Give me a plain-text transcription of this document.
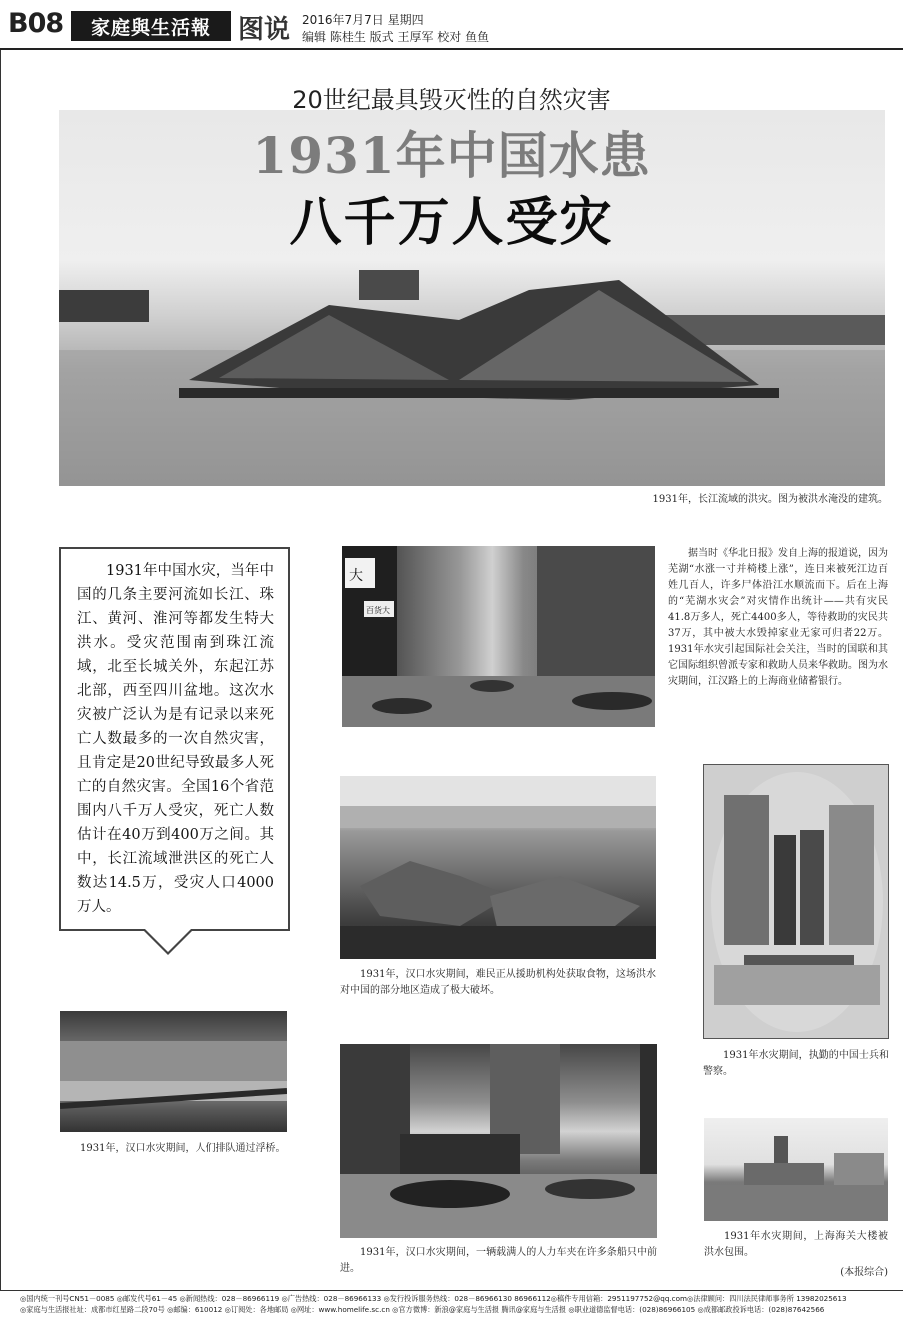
B08	家庭與生活報	图说 2016年7月7日 星期四
编辑 陈桂生 版式 王厚军 校对 鱼鱼
20世纪最具毁灭性的自然灾害
1931年中国水患
八千万人受灾
1931年，长江流域的洪灾。图为被洪水淹没的建筑。

1931年中国水灾，当年中国的几条主要河流如长江、珠江、黄河、淮河等都发生特大洪水。受灾范围南到珠江流域，北至长城关外，东起江苏北部，西至四川盆地。这次水灾被广泛认为是有记录以来死亡人数最多的一次自然灾害，且肯定是20世纪导致最多人死亡的自然灾害。全国16个省范围内八千万人受灾，死亡人数估计在40万到400万之间。其中，长江流域泄洪区的死亡人数达14.5万，受灾人口4000万人。

大
百货大
据当时《华北日报》发自上海的报道说，因为芜湖“水涨一寸并椅楼上涨”，连日来被死江边百姓几百人，许多尸体沿江水顺流而下。后在上海的“芜湖水灾会”对灾情作出统计——共有灾民41.8万多人，死亡4400多人，等待救助的灾民共37万，其中被大水毁掉家业无家可归者22万。1931年水灾引起国际社会关注，当时的国联和其它国际组织曾派专家和救助人员来华救助。图为水灾期间，江汉路上的上海商业储蓄银行。
1931年，汉口水灾期间，难民正从援助机构处获取食物，这场洪水对中国的部分地区造成了极大破坏。
1931年水灾期间，执勤的中国士兵和警察。
1931年，汉口水灾期间，人们排队通过浮桥。
1931年，汉口水灾期间，一辆载满人的人力车夹在许多条船只中前进。
1931年水灾期间，上海海关大楼被洪水包围。
(本报综合)
◎国内统一刊号CN51－0085 ◎邮发代号61－45 ◎新闻热线：028－86966119 ◎广告热线：028－86966133 ◎发行投诉服务热线：028－86966130 86966112◎稿件专用信箱：2951197752@qq.com◎法律顾问：四川法民律师事务所 13982025613
◎家庭与生活报社址：成都市红星路二段70号 ◎邮编：610012 ◎订阅处：各地邮局 ◎网址：www.homelife.sc.cn ◎官方微博：新浪@家庭与生活报 腾讯@家庭与生活报 ◎职业道德监督电话：(028)86966105 ◎成都邮政投诉电话：(028)87642566
